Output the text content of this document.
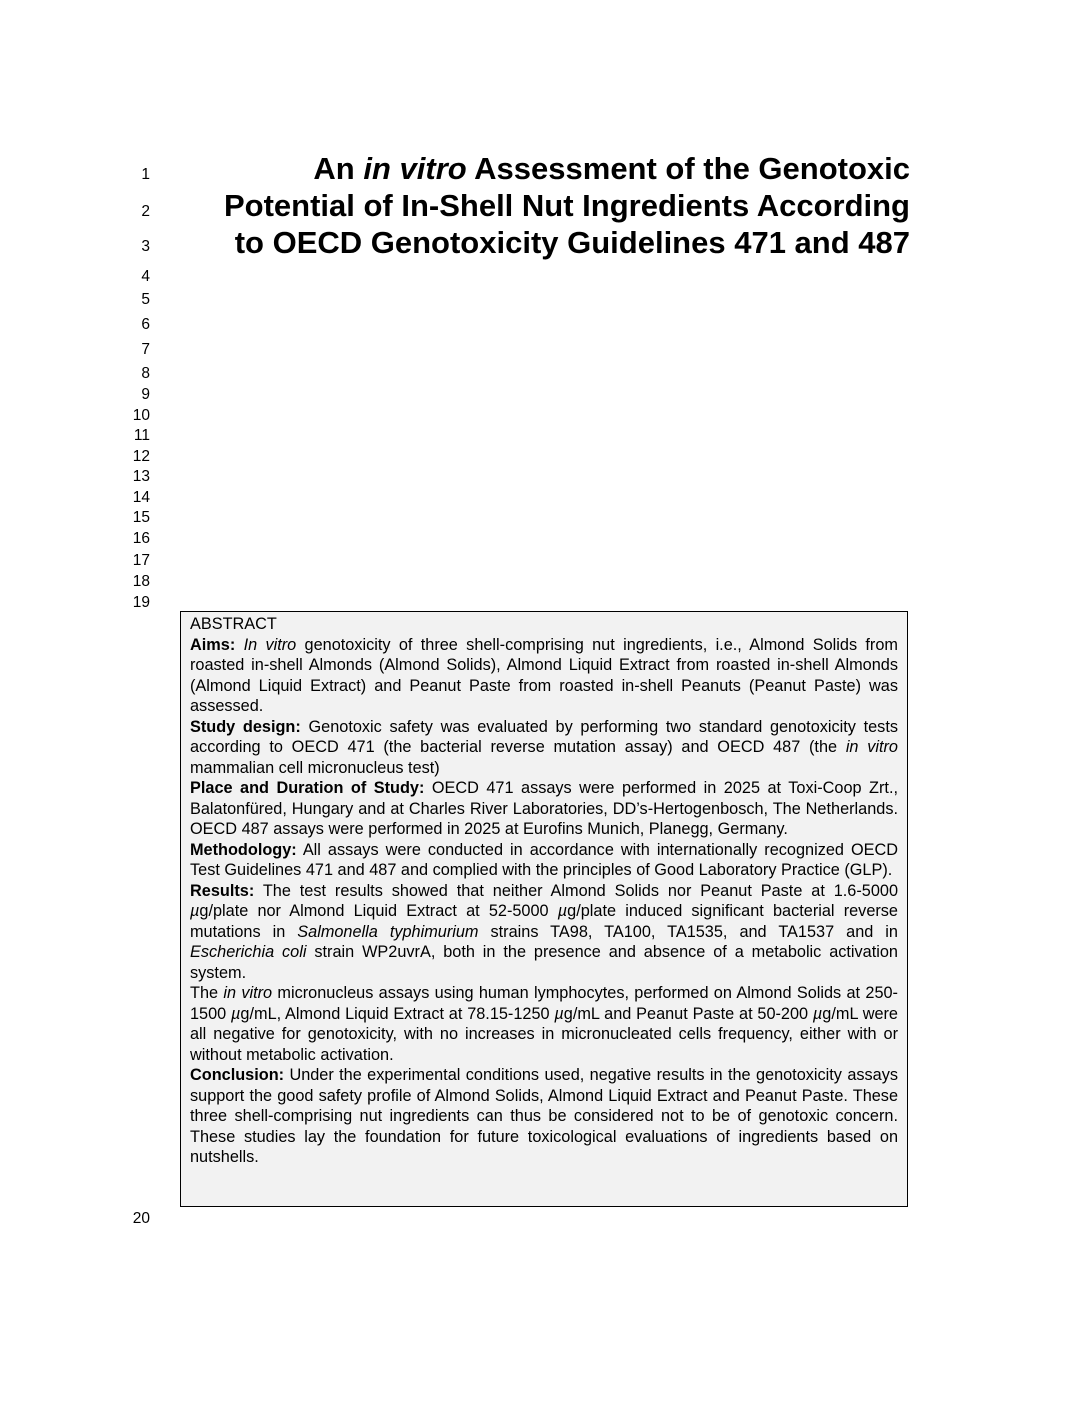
1
2
3
4
5
6
7
8
9
10
11
12
13
14
15
16
17
18
19
20
An in vitro Assessment of the Genotoxic
Potential of In-Shell Nut Ingredients According
to OECD Genotoxicity Guidelines 471 and 487

ABSTRACT

Aims: In vitro genotoxicity of three shell-comprising nut ingredients, i.e., Almond Solids from roasted in-shell Almonds (Almond Solids), Almond Liquid Extract from roasted in-shell Almonds (Almond Liquid Extract) and Peanut Paste from roasted in-shell Peanuts (Peanut Paste) was assessed.

Study design: Genotoxic safety was evaluated by performing two standard genotoxicity tests according to OECD 471 (the bacterial reverse mutation assay) and OECD 487 (the in vitro mammalian cell micronucleus test)

Place and Duration of Study: OECD 471 assays were performed in 2025 at Toxi-Coop Zrt., Balatonfüred, Hungary and at Charles River Laboratories, DD’s-Hertogenbosch, The Netherlands. OECD 487 assays were performed in 2025 at Eurofins Munich, Planegg, Germany.

Methodology: All assays were conducted in accordance with internationally recognized OECD Test Guidelines 471 and 487 and complied with the principles of Good Laboratory Practice (GLP).

Results: The test results showed that neither Almond Solids nor Peanut Paste at 1.6-5000 µg/plate nor Almond Liquid Extract at 52-5000 µg/plate induced significant bacterial reverse mutations in Salmonella typhimurium strains TA98, TA100, TA1535, and TA1537 and in Escherichia coli strain WP2uvrA, both in the presence and absence of a metabolic activation system.

The in vitro micronucleus assays using human lymphocytes, performed on Almond Solids at 250-1500 µg/mL, Almond Liquid Extract at 78.15-1250 µg/mL and Peanut Paste at 50-200 µg/mL were all negative for genotoxicity, with no increases in micronucleated cells frequency, either with or without metabolic activation.

Conclusion: Under the experimental conditions used, negative results in the genotoxicity assays support the good safety profile of Almond Solids, Almond Liquid Extract and Peanut Paste. These three shell-comprising nut ingredients can thus be considered not to be of genotoxic concern. These studies lay the foundation for future toxicological evaluations of ingredients based on nutshells.
